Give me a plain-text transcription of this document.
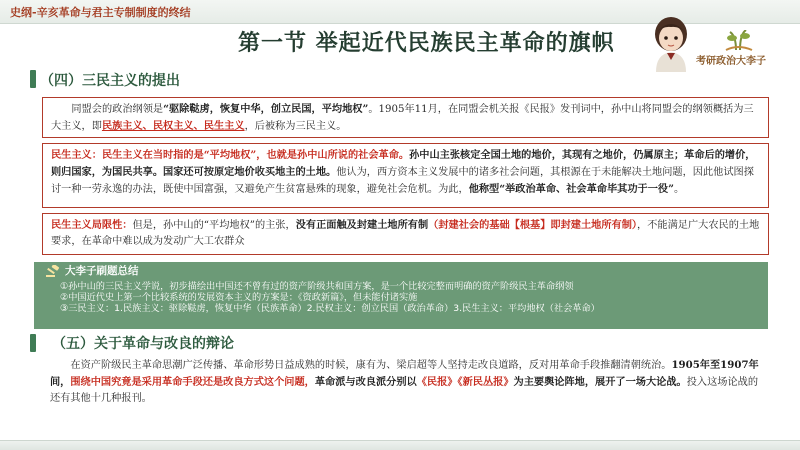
史纲-辛亥革命与君主专制制度的终结
第一节 举起近代民族民主革命的旗帜
考研政治大李子
（四）三民主义的提出
同盟会的政治纲领是“驱除鞑虏，恢复中华，创立民国，平均地权”。1905年11月，在同盟会机关报《民报》发刊词中，孙中山将同盟会的纲领概括为三大主义，即民族主义、民权主义、民生主义，后被称为三民主义。
民生主义：民生主义在当时指的是“平均地权”，也就是孙中山所说的社会革命。孙中山主张核定全国土地的地价，其现有之地价，仍属原主；革命后的增价，则归国家，为国民共享。国家还可按原定地价收买地主的土地。他认为，西方资本主义发展中的诸多社会问题，其根源在于未能解决土地问题，因此他试图探讨一种一劳永逸的办法，既使中国富强，又避免产生贫富悬殊的现象，避免社会危机。为此，他称型“举政治革命、社会革命毕其功于一役”。
民生主义局限性：但是，孙中山的“平均地权”的主张，没有正面触及封建土地所有制（封建社会的基础【根基】即封建土地所有制），不能满足广大农民的土地要求，在革命中难以成为发动广大工农群众
大李子刷题总结
①孙中山的三民主义学说，初步描绘出中国还不曾有过的资产阶级共和国方案，是一个比较完整而明确的资产阶级民主革命纲领
②中国近代史上第一个比较系统的发展资本主义的方案是：《资政新篇》，但未能付诸实施
③三民主义：1.民族主义：驱除鞑虏，恢复中华（民族革命）2.民权主义：创立民国（政治革命）3.民生主义：平均地权（社会革命）
（五）关于革命与改良的辩论
在资产阶级民主革命思潮广泛传播、革命形势日益成熟的时候，康有为、梁启超等人坚持走改良道路，反对用革命手段推翻清朝统治。1905年至1907年间，围绕中国究竟是采用革命手段还是改良方式这个问题，革命派与改良派分别以《民报》《新民丛报》为主要舆论阵地，展开了一场大论战。投入这场论战的还有其他十几种报刊。
